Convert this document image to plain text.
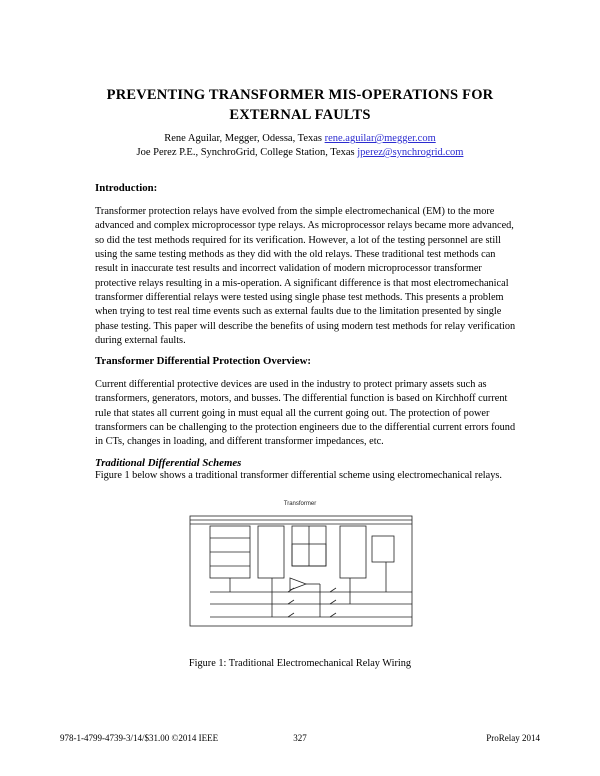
PREVENTING TRANSFORMER MIS-OPERATIONS FOR
EXTERNAL FAULTS
Rene Aguilar, Megger, Odessa, Texas rene.aguilar@megger.com
Joe Perez P.E., SynchroGrid, College Station, Texas jperez@synchrogrid.com
Introduction:
Transformer protection relays have evolved from the simple electromechanical (EM) to the more advanced and complex microprocessor type relays. As microprocessor relays became more advanced, so did the test methods required for its verification. However, a lot of the testing personnel are still using the same testing methods as they did with the old relays. These traditional test methods can result in inaccurate test results and incorrect validation of modern microprocessor transformer protective relays resulting in a mis-operation. A significant difference is that most electromechanical transformer differential relays were tested using single phase test methods. This presents a problem when trying to test real time events such as external faults due to the limitation presented by single phase testing. This paper will describe the benefits of using modern test methods for relay verification during external faults.
Transformer Differential Protection Overview:
Current differential protective devices are used in the industry to protect primary assets such as transformers, generators, motors, and busses. The differential function is based on Kirchhoff current rule that states all current going in must equal all the current going out. The protection of power transformers can be challenging to the protection engineers due to the differential current errors found in CTs, changes in loading, and different transformer impedances, etc.
Traditional Differential Schemes
Figure 1 below shows a traditional transformer differential scheme using electromechanical relays.
Transformer
Figure 1: Traditional Electromechanical Relay Wiring
978-1-4799-4739-3/14/$31.00 ©2014 IEEE	327	ProRelay 2014
